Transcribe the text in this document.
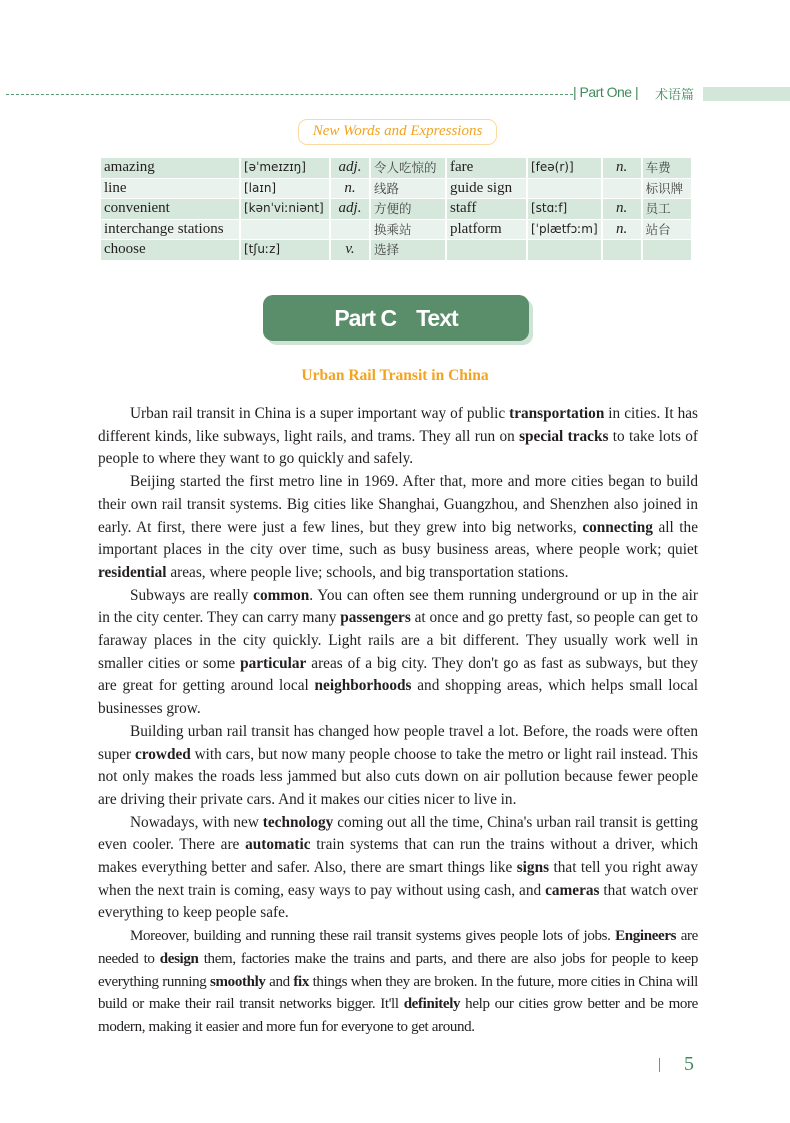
| Part One | 术语篇
New Words and Expressions
amazing	[əˈmeɪzɪŋ]	adj.	令人吃惊的	fare	[feə(r)]	n.	车费
line	[laɪn]	n.	线路	guide sign			标识牌
convenient	[kənˈviːniənt]	adj.	方便的	staff	[stɑːf]	n.	员工
interchange stations			换乘站	platform	[ˈplætfɔːm]	n.	站台
choose	[tʃuːz]	v.	选择				
Part C Text
Urban Rail Transit in China

Urban rail transit in China is a super important way of public transportation in cities. It has different kinds, like subways, light rails, and trams. They all run on special tracks to take lots of people to where they want to go quickly and safely.

Beijing started the first metro line in 1969. After that, more and more cities began to build their own rail transit systems. Big cities like Shanghai, Guangzhou, and Shenzhen also joined in early. At first, there were just a few lines, but they grew into big networks, connecting all the important places in the city over time, such as busy business areas, where people work; quiet residential areas, where people live; schools, and big transportation stations.

Subways are really common. You can often see them running underground or up in the air in the city center. They can carry many passengers at once and go pretty fast, so people can get to faraway places in the city quickly. Light rails are a bit different. They usually work well in smaller cities or some particular areas of a big city. They don't go as fast as subways, but they are great for getting around local neighborhoods and shopping areas, which helps small local businesses grow.

Building urban rail transit has changed how people travel a lot. Before, the roads were often super crowded with cars, but now many people choose to take the metro or light rail instead. This not only makes the roads less jammed but also cuts down on air pollution because fewer people are driving their private cars. And it makes our cities nicer to live in.

Nowadays, with new technology coming out all the time, China's urban rail transit is getting even cooler. There are automatic train systems that can run the trains without a driver, which makes everything better and safer. Also, there are smart things like signs that tell you right away when the next train is coming, easy ways to pay without using cash, and cameras that watch over everything to keep people safe.

Moreover, building and running these rail transit systems gives people lots of jobs. Engineers are needed to design them, factories make the trains and parts, and there are also jobs for people to keep everything running smoothly and fix things when they are broken. In the future, more cities in China will build or make their rail transit networks bigger. It'll definitely help our cities grow better and be more modern, making it easier and more fun for everyone to get around.

5
